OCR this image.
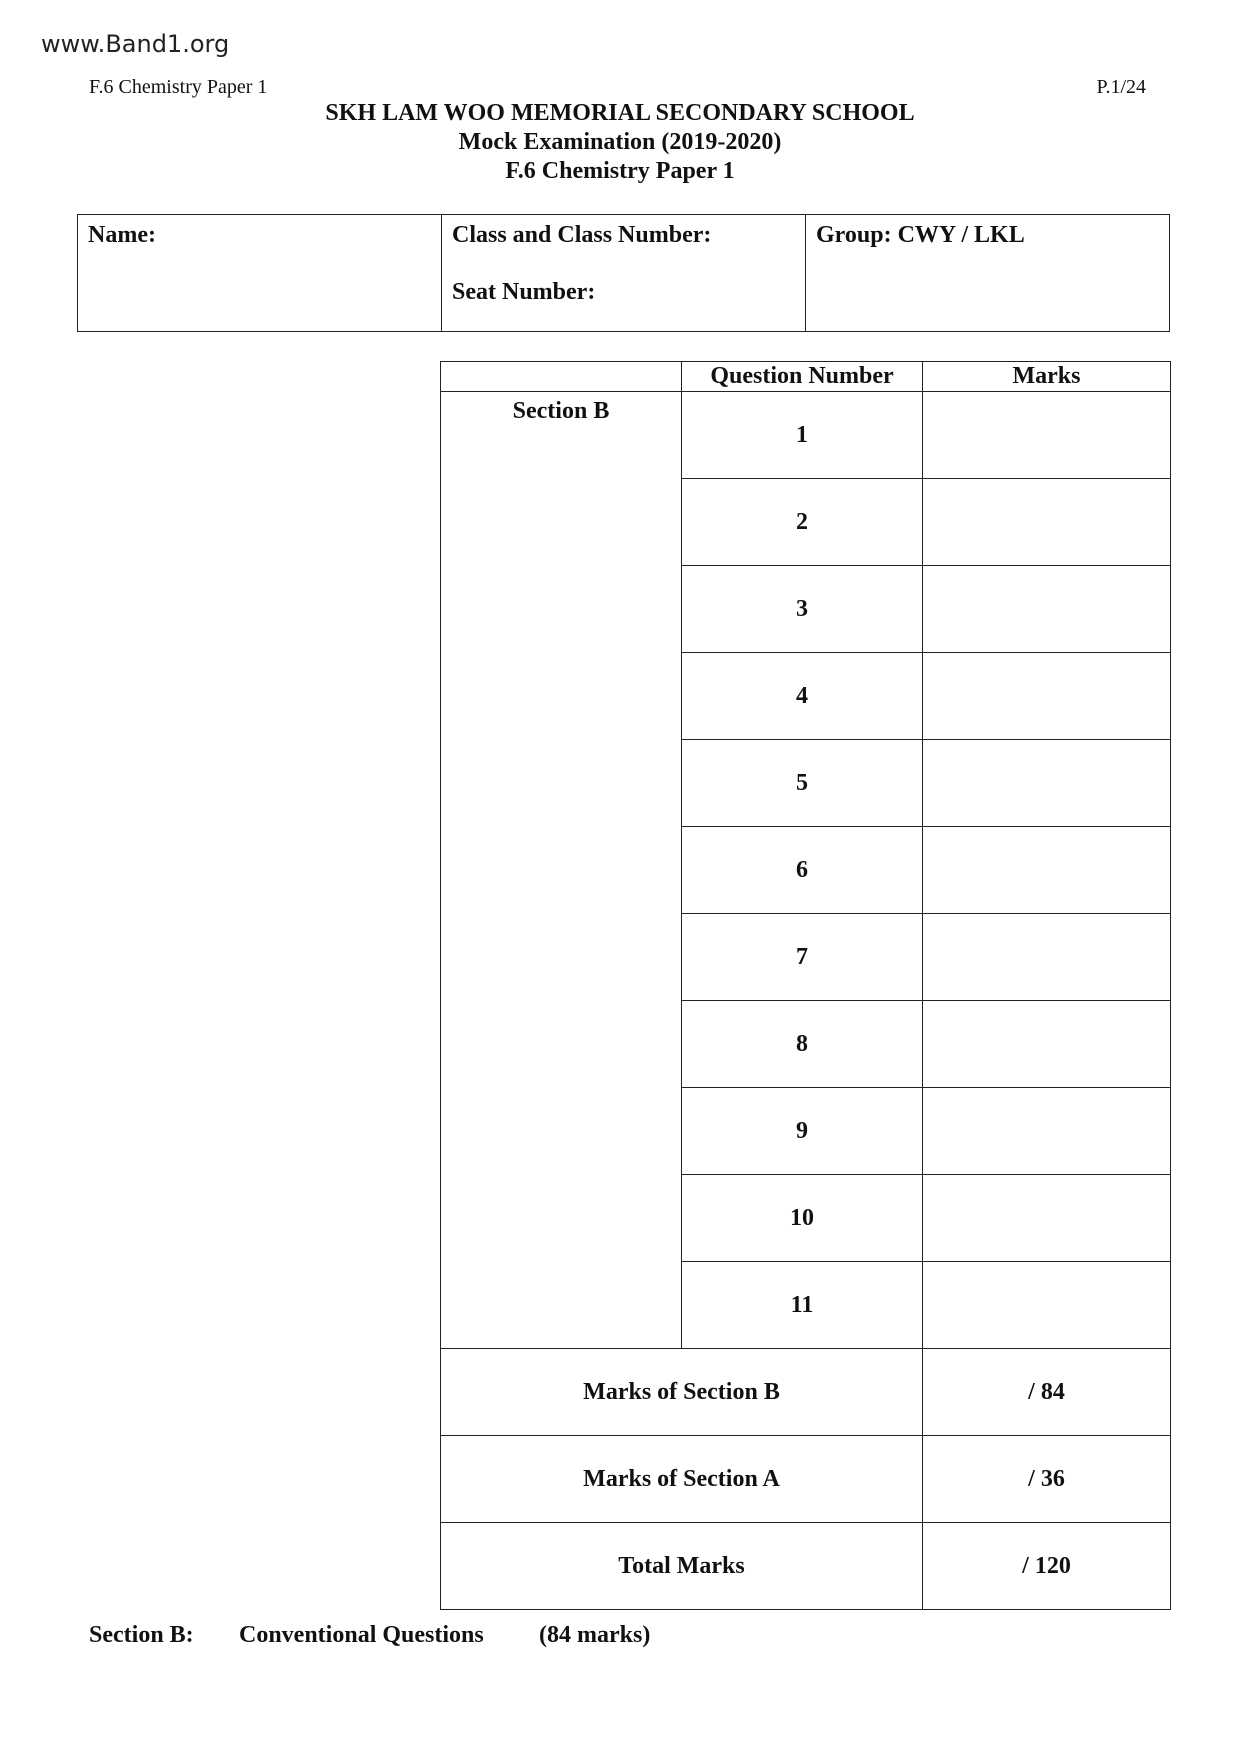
www.Band1.org
F.6 Chemistry Paper 1	P.1/24
SKH LAM WOO MEMORIAL SECONDARY SCHOOL
Mock Examination (2019-2020)
F.6 Chemistry Paper 1
Name:	Class and Class Number:
Seat Number:

Group: CWY / LKL
	Question Number	Marks
Section B	1	
	2	
	3	
	4	
	5	
	6	
	7	
	8	
	9	
	10	
	11	
Marks of Section B		/ 84
Marks of Section A		/ 36
Total Marks		/ 120
Section B: Conventional Questions (84 marks)
